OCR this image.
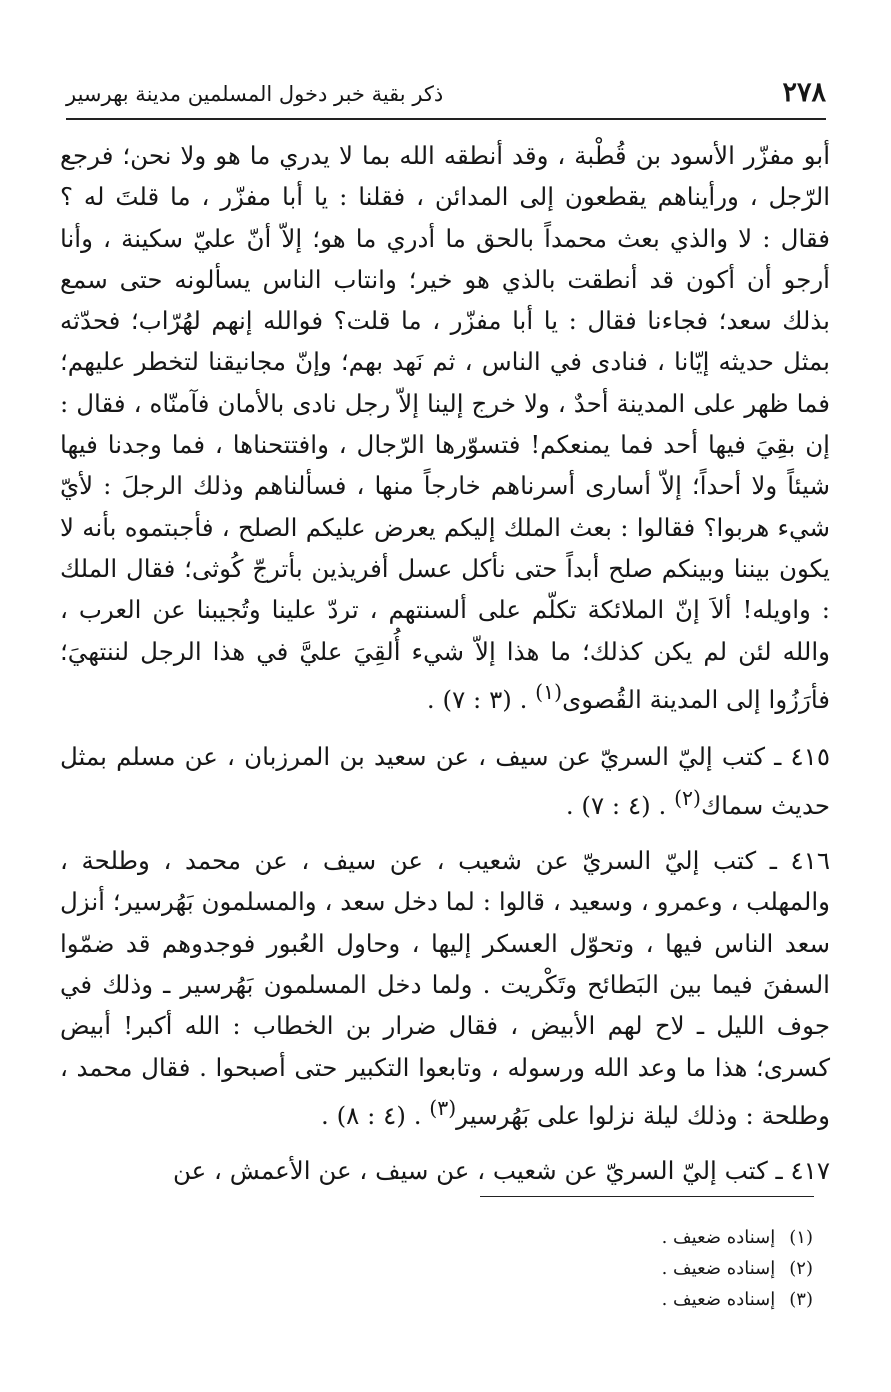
٢٧٨
ذكر بقية خبر دخول المسلمين مدينة بهرسير

أبو مفزّر الأسود بن قُطْبة ، وقد أنطقه الله بما لا يدري ما هو ولا نحن؛ فرجع الرّجل ، ورأيناهم يقطعون إلى المدائن ، فقلنا : يا أبا مفزّر ، ما قلتَ له ؟ فقال : لا والذي بعث محمداً بالحق ما أدري ما هو؛ إلاّ أنّ عليّ سكينة ، وأنا أرجو أن أكون قد أنطقت بالذي هو خير؛ وانتاب الناس يسألونه حتى سمع بذلك سعد؛ فجاءنا فقال : يا أبا مفزّر ، ما قلت؟ فوالله إنهم لهُرّاب؛ فحدّثه بمثل حديثه إيّانا ، فنادى في الناس ، ثم نَهد بهم؛ وإنّ مجانيقنا لتخطر عليهم؛ فما ظهر على المدينة أحدٌ ، ولا خرج إلينا إلاّ رجل نادى بالأمان فآمنّاه ، فقال : إن بقِيَ فيها أحد فما يمنعكم! فتسوّرها الرّجال ، وافتتحناها ، فما وجدنا فيها شيئاً ولا أحداً؛ إلاّ أسارى أسرناهم خارجاً منها ، فسألناهم وذلك الرجلَ : لأيّ شيء هربوا؟ فقالوا : بعث الملك إليكم يعرض عليكم الصلح ، فأجبتموه بأنه لا يكون بيننا وبينكم صلح أبداً حتى نأكل عسل أفريذين بأترجّ كُوثى؛ فقال الملك : واويله! ألاَ إنّ الملائكة تكلّم على ألسنتهم ، تردّ علينا وتُجيبنا عن العرب ، والله لئن لم يكن كذلك؛ ما هذا إلاّ شيء أُلقِيَ عليَّ في هذا الرجل لننتهيَ؛ فأرَزُوا إلى المدينة القُصوى$^{(١)}$ . (٣ : ٧) .

٤١٥ ـ كتب إليّ السريّ عن سيف ، عن سعيد بن المرزبان ، عن مسلم بمثل حديث سماك$^{(٢)}$ . (٤ : ٧) .

٤١٦ ـ كتب إليّ السريّ عن شعيب ، عن سيف ، عن محمد ، وطلحة ، والمهلب ، وعمرو ، وسعيد ، قالوا : لما دخل سعد ، والمسلمون بَهُرسير؛ أنزل سعد الناس فيها ، وتحوّل العسكر إليها ، وحاول العُبور فوجدوهم قد ضمّوا السفنَ فيما بين البَطائح وتَكْريت . ولما دخل المسلمون بَهُرسير ـ وذلك في جوف الليل ـ لاح لهم الأبيض ، فقال ضرار بن الخطاب : الله أكبر! أبيض كسرى؛ هذا ما وعد الله ورسوله ، وتابعوا التكبير حتى أصبحوا . فقال محمد ، وطلحة : وذلك ليلة نزلوا على بَهُرسير$^{(٣)}$ . (٤ : ٨) .

٤١٧ ـ كتب إليّ السريّ عن شعيب ، عن سيف ، عن الأعمش ، عن

(١)إسناده ضعيف .
(٢)إسناده ضعيف .
(٣)إسناده ضعيف .
